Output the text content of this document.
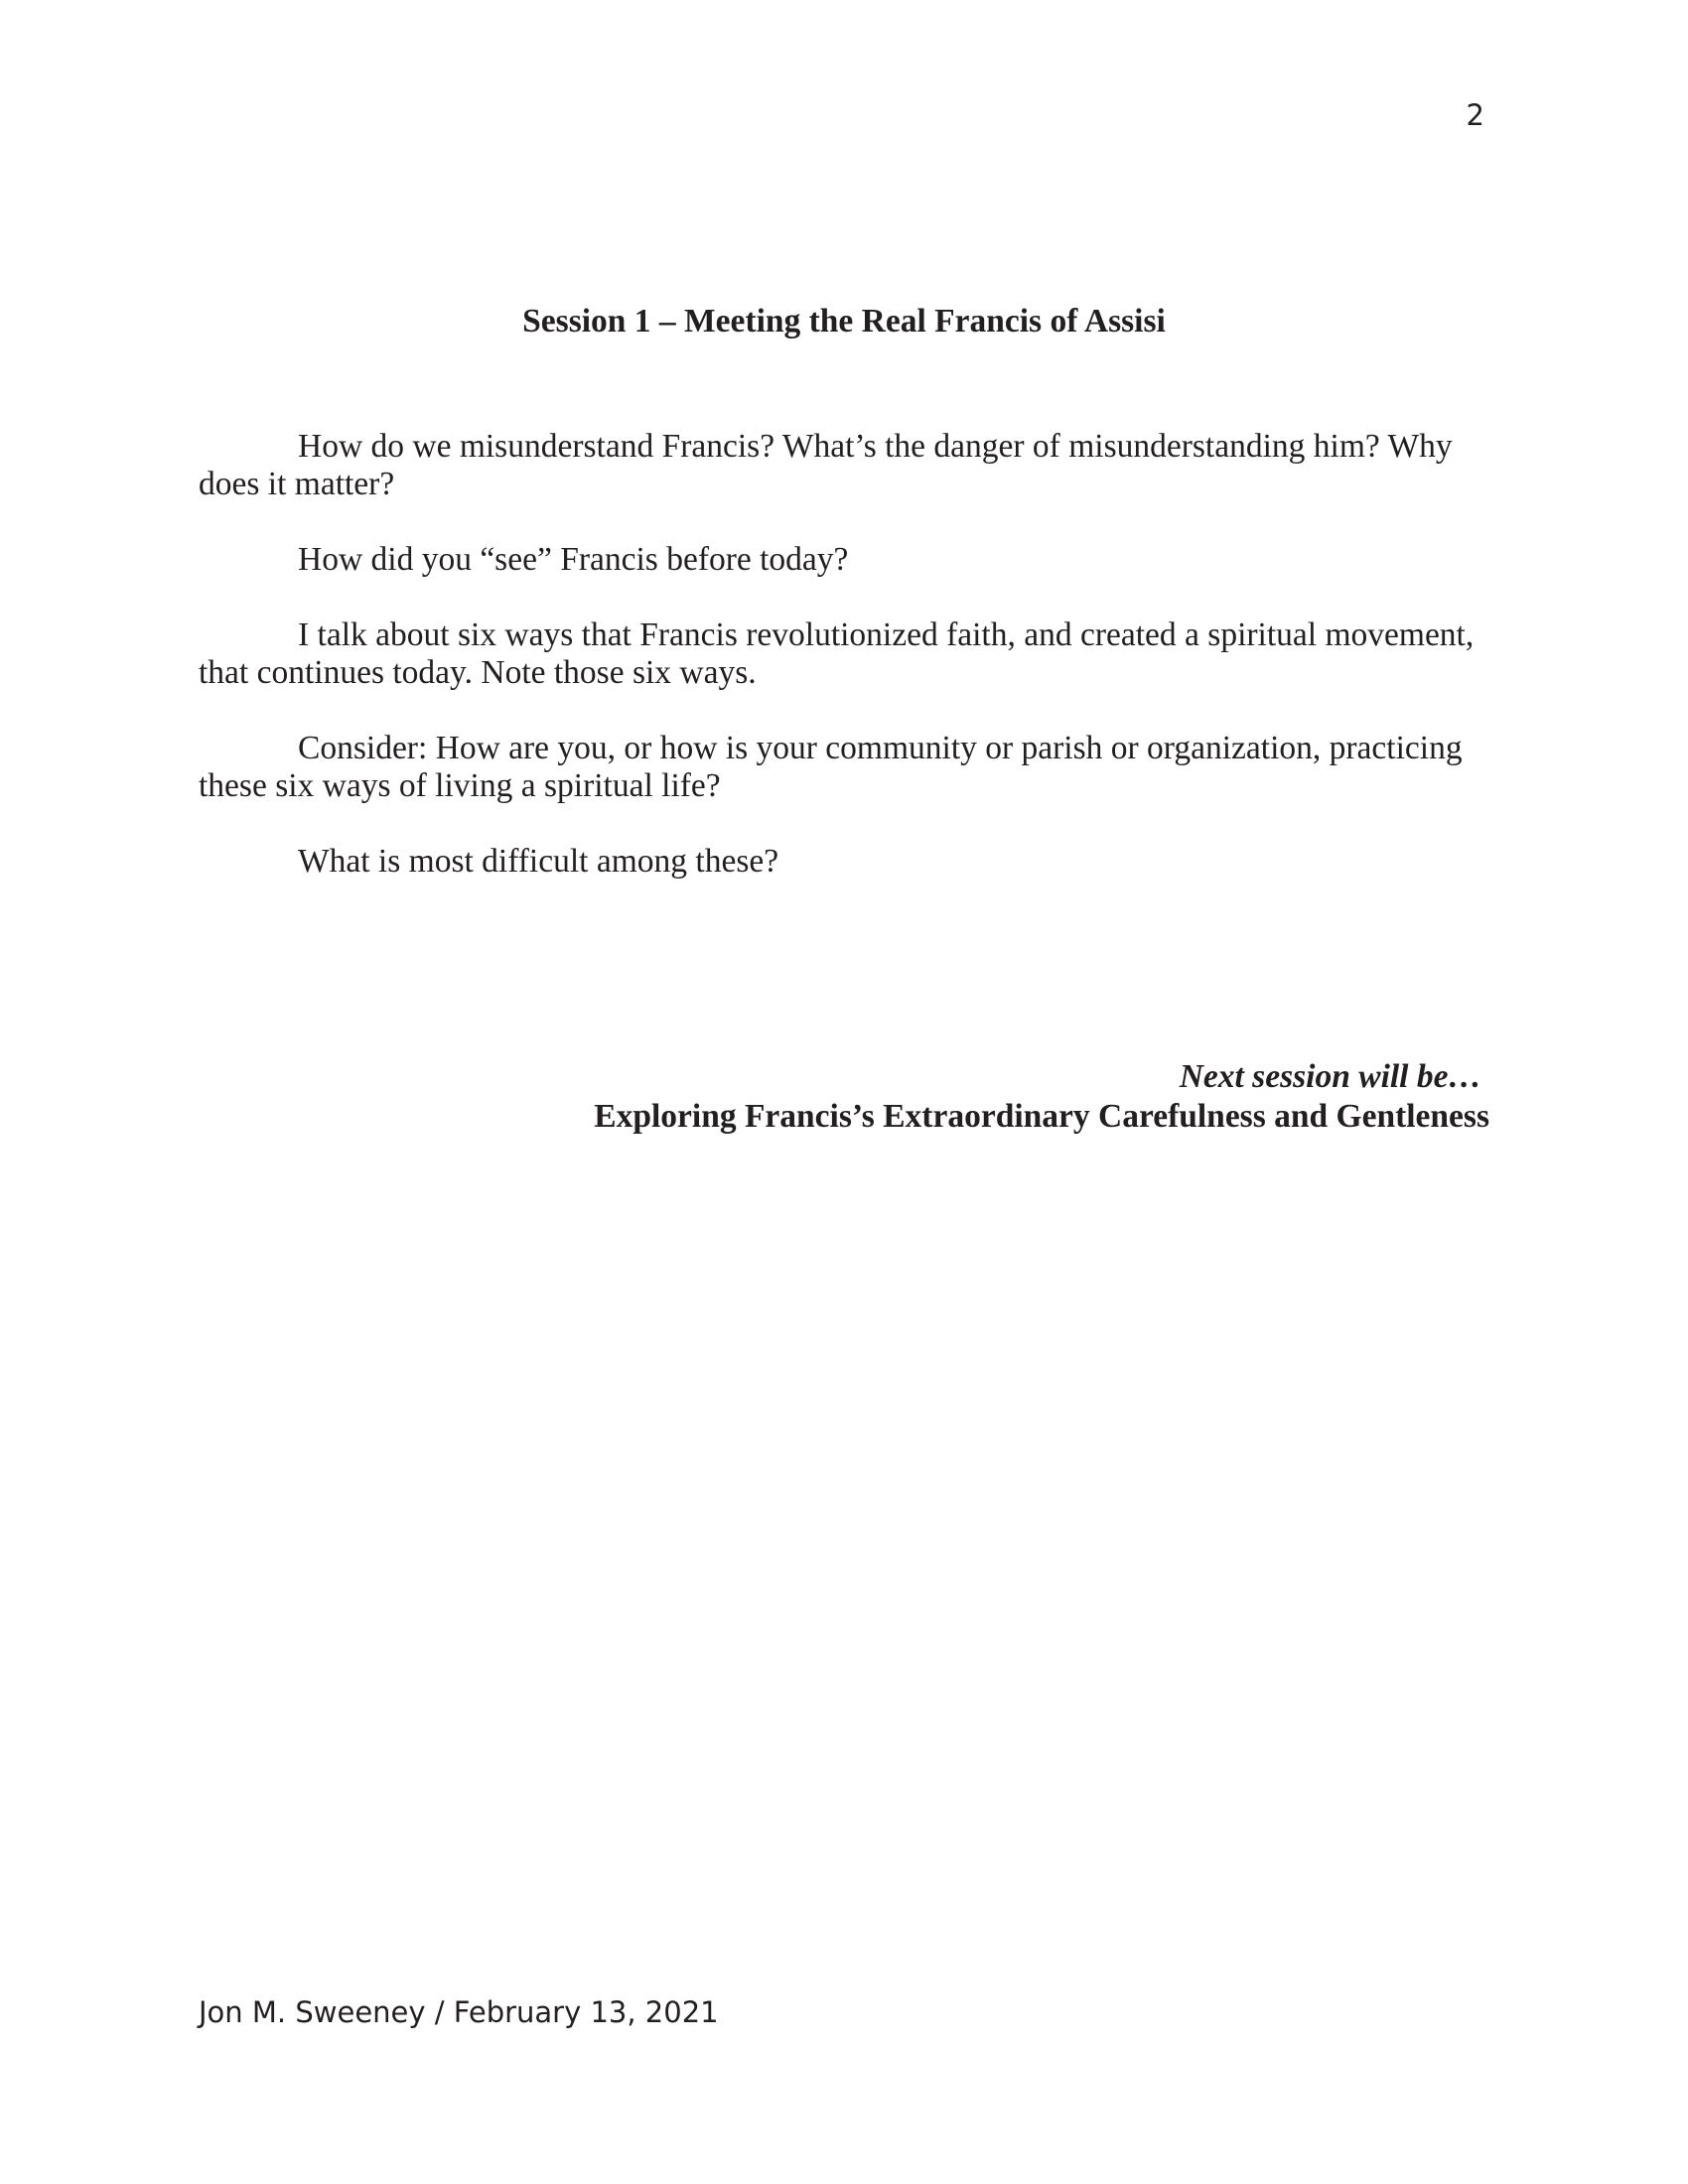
2
Session 1 – Meeting the Real Francis of Assisi

How do we misunderstand Francis? What’s the danger of misunderstanding him? Why does it matter?

How did you “see” Francis before today?

I talk about six ways that Francis revolutionized faith, and created a spiritual movement, that continues today. Note those six ways.

Consider: How are you, or how is your community or parish or organization, practicing these six ways of living a spiritual life?

What is most difficult among these?

Next session will be…
Exploring Francis’s Extraordinary Carefulness and Gentleness
Jon M. Sweeney / February 13, 2021
